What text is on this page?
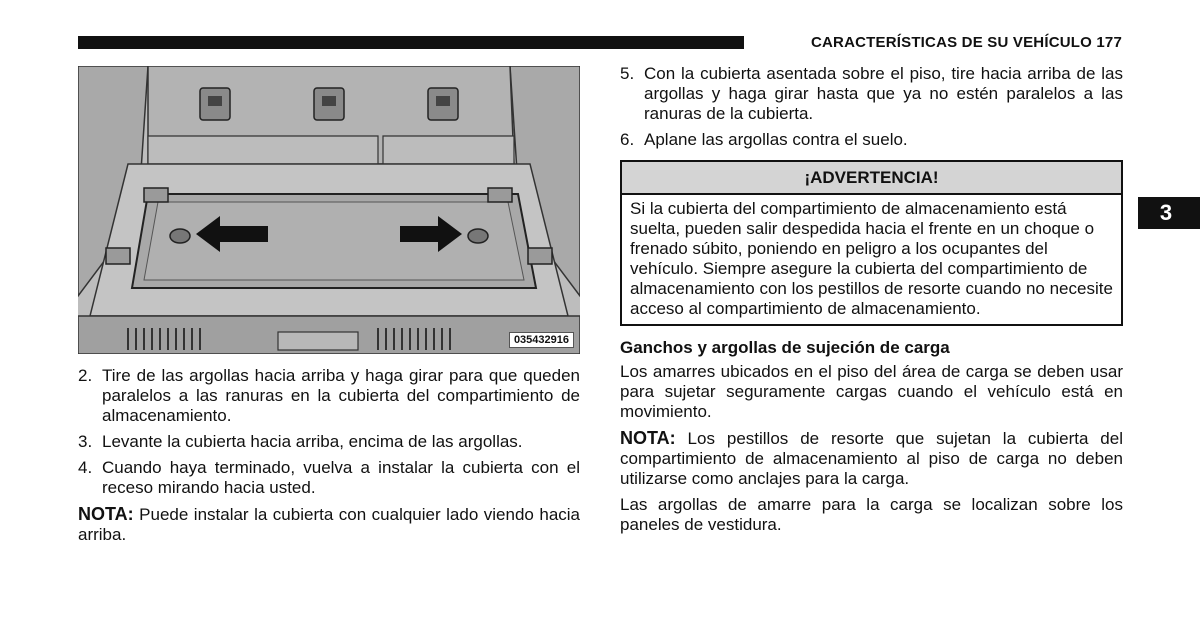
CARACTERÍSTICAS DE SU VEHÍCULO 177
3
035432916
2. Tire de las argollas hacia arriba y haga girar para que queden paralelos a las ranuras en la cubierta del compartimiento de almacenamiento.
3. Levante la cubierta hacia arriba, encima de las argollas.
4. Cuando haya terminado, vuelva a instalar la cubierta con el receso mirando hacia usted.
NOTA: Puede instalar la cubierta con cualquier lado viendo hacia arriba.
5. Con la cubierta asentada sobre el piso, tire hacia arriba de las argollas y haga girar hasta que ya no estén paralelos a las ranuras de la cubierta.
6. Aplane las argollas contra el suelo.
¡ADVERTENCIA!
Si la cubierta del compartimiento de almacenamiento está suelta, pueden salir despedida hacia el frente en un choque o frenado súbito, poniendo en peligro a los ocupantes del vehículo. Siempre asegure la cubierta del compartimiento de almacenamiento con los pestillos de resorte cuando no necesite acceso al compartimiento de almacenamiento.
Ganchos y argollas de sujeción de carga
Los amarres ubicados en el piso del área de carga se deben usar para sujetar seguramente cargas cuando el vehículo está en movimiento.
NOTA: Los pestillos de resorte que sujetan la cubierta del compartimiento de almacenamiento al piso de carga no deben utilizarse como anclajes para la carga.
Las argollas de amarre para la carga se localizan sobre los paneles de vestidura.
